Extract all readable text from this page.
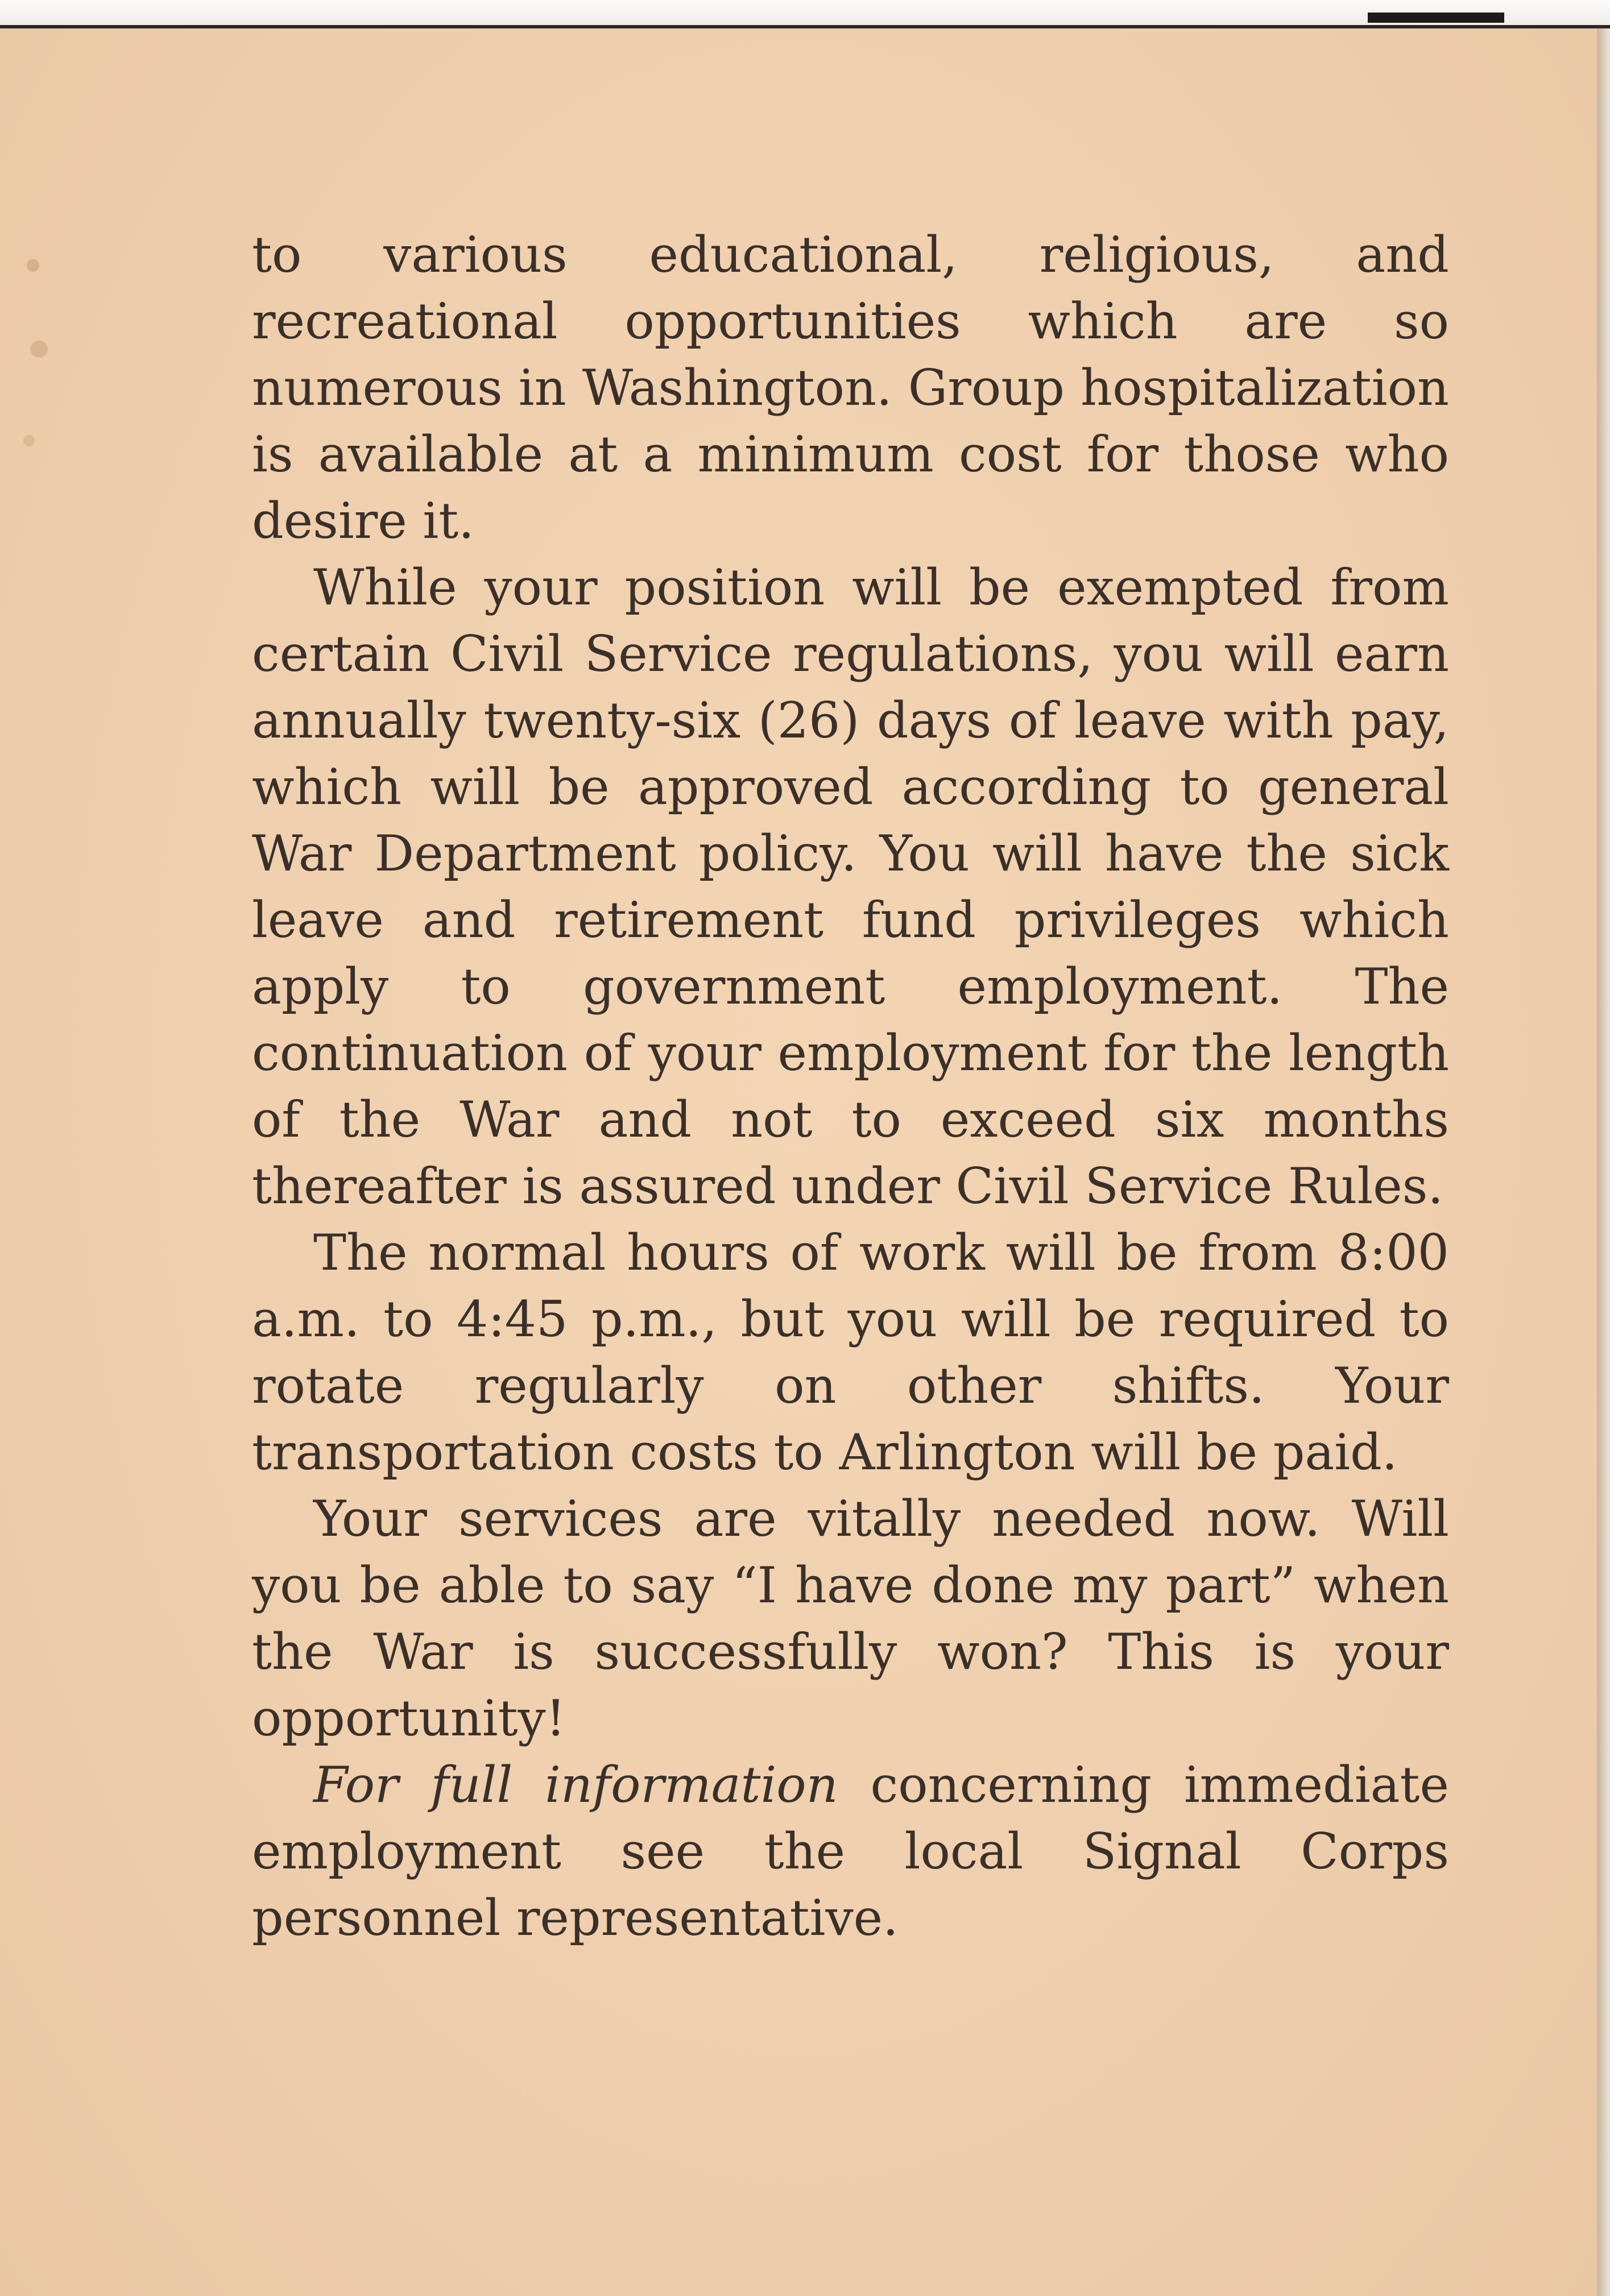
to various educational, religious, and recreational opportunities which are so numerous in Washington. Group hospitalization is available at a minimum cost for those who desire it.

While your position will be exempted from certain Civil Service regulations, you will earn annually twenty-six (26) days of leave with pay, which will be approved according to general War Department policy. You will have the sick leave and retirement fund privileges which apply to government employment. The continuation of your employment for the length of the War and not to exceed six months thereafter is assured under Civil Service Rules.

The normal hours of work will be from 8:00 a.m. to 4:45 p.m., but you will be required to rotate regularly on other shifts. Your transportation costs to Arlington will be paid.

Your services are vitally needed now. Will you be able to say “I have done my part” when the War is successfully won? This is your opportunity!

For full information concerning immediate employment see the local Signal Corps personnel representative.
